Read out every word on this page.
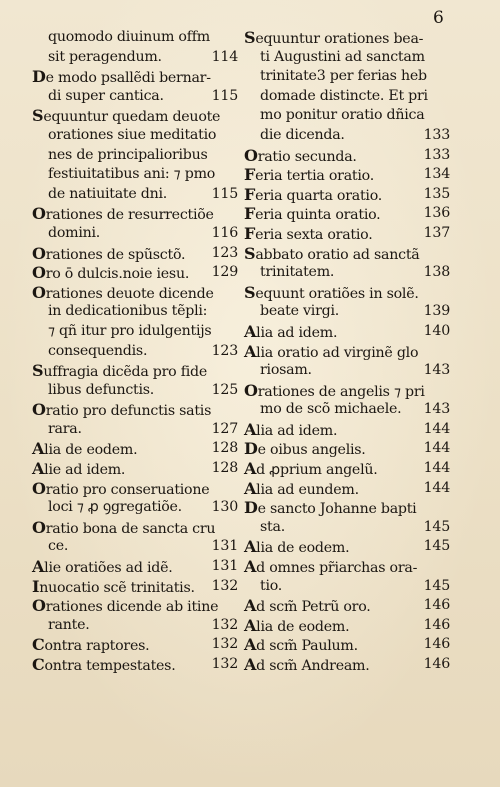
6
quomodo diuinum offm
sit peragendum.	114
De modo psallẽdi bernar-
di super cantica.	115
Sequuntur quedam deuote
orationes siue meditatio
nes de principalioribus
festiuitatibus ani: ⁊ pmo
de natiuitate dni.	115
Orationes de resurrectiõe
domini.	116
Orationes de spũsctõ. 123
Oro ō dulcis.noie iesu. 129
Orationes deuote dicende
in dedicationibus tẽpli:
⁊ qñ itur pro idulgentijs
consequendis.	123
Suffragia dicẽda pro fide
libus defunctis.	125
Oratio pro defunctis satis
rara.	127
Alia de eodem.	128
Alie ad idem.	128
Oratio pro conseruatione
loci ⁊ ꝓ ꝯgregatiõe. 130
Oratio bona de sancta cru
ce.	131
Alie oratiões ad idẽ.	131
Inuocatio scẽ trinitatis. 132
Orationes dicende ab itine
rante.	132
Contra raptores.	132
Contra tempestates.	132
Sequuntur orationes bea-
ti Augustini ad sanctam
trinitate3 per ferias heb
domade distincte. Et pri
mo ponitur oratio dñica
die dicenda.	133
Oratio secunda.	133
Feria tertia oratio.	134
Feria quarta oratio.	135
Feria quinta oratio.	136
Feria sexta oratio.	137
Sabbato oratio ad sanctã
trinitatem.	138
Sequunt oratiões in solẽ.
beate virgi.	139
Alia ad idem.	140
Alia oratio ad virginẽ glo
riosam.	143
Orationes de angelis ⁊ pri
mo de scõ michaele. 143
Alia ad idem.	144
De oibus angelis.	144
Ad ꝓprium angelũ.	144
Alia ad eundem.	144
De sancto Johanne bapti
sta.	145
Alia de eodem.	145
Ad omnes pr̃iarchas ora-
tio.	145
Ad scm̃ Petrũ oro.	146
Alia de eodem.	146
Ad scm̃ Paulum.	146
Ad scm̃ Andream.	146
